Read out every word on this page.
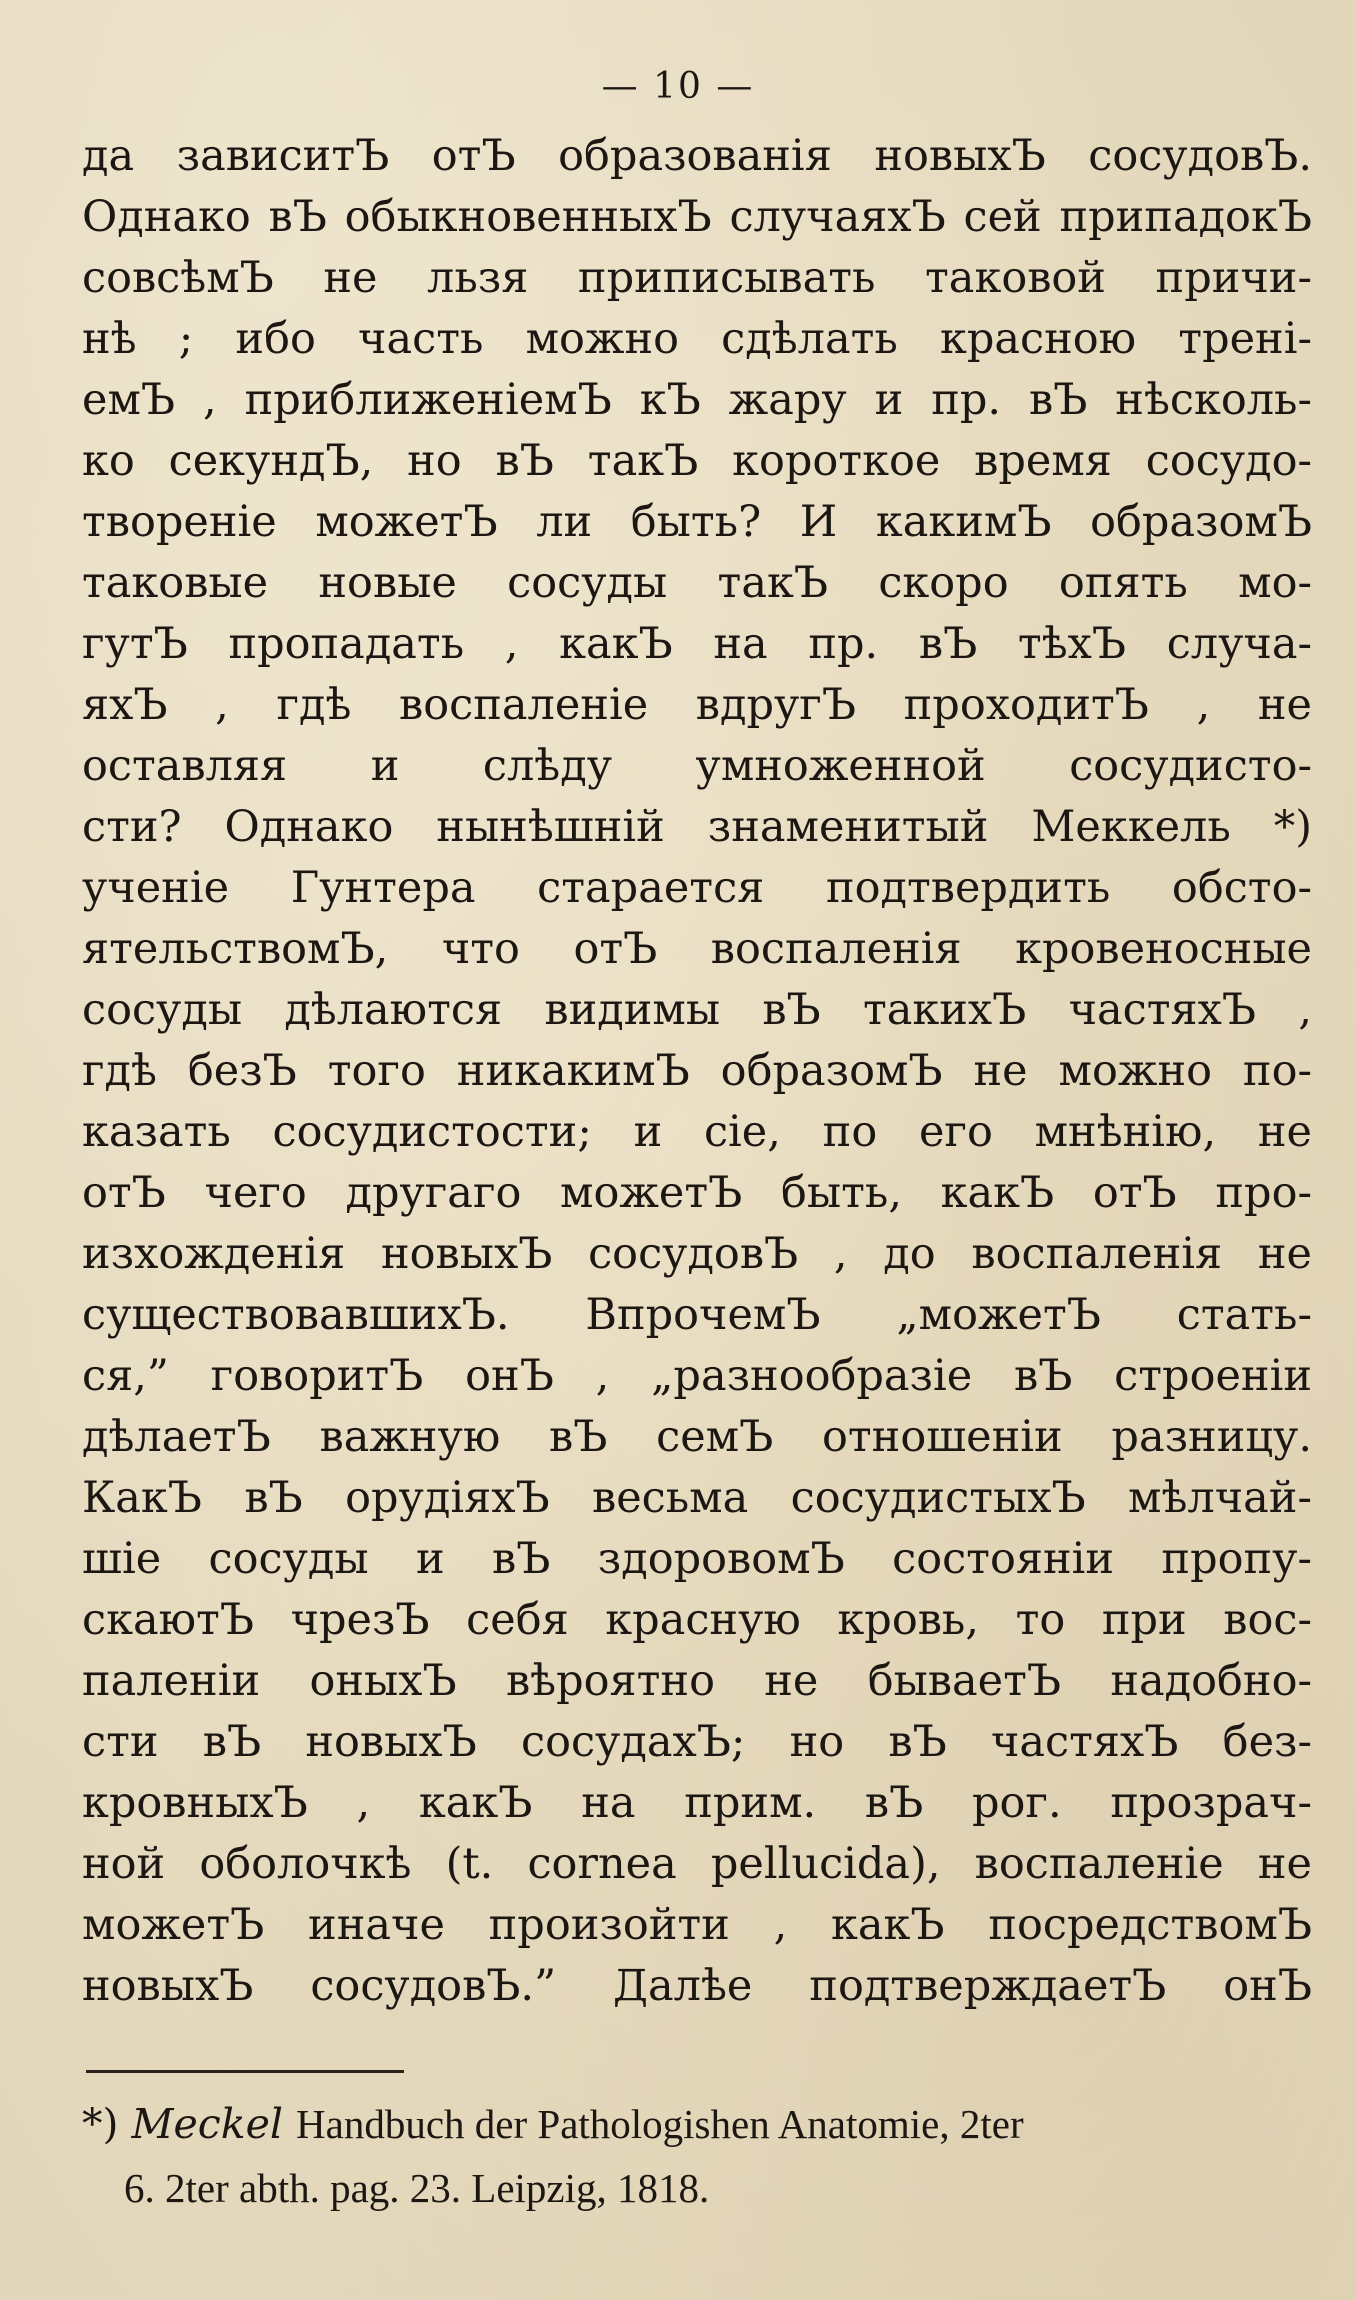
— 10 —
да зависитЪ отЪ образованія новыхЪ сосудовЪ.
Однако вЪ обыкновенныхЪ случаяхЪ сей припадокЪ
совсѣмЪ не льзя приписывать таковой причи-
нѣ ; ибо часть можно сдѣлать красною трені-
емЪ , приближеніемЪ кЪ жару и пр. вЪ нѣсколь-
ко секундЪ, но вЪ такЪ короткое время сосудо-
твореніе можетЪ ли быть? И какимЪ образомЪ
таковые новые сосуды такЪ скоро опять мо-
гутЪ пропадать , какЪ на пр. вЪ тѣхЪ случа-
яхЪ , гдѣ воспаленіе вдругЪ проходитЪ , не
оставляя и слѣду умноженной сосудисто-
сти? Однако нынѣшній знаменитый Меккель *)
ученіе Гунтера старается подтвердить обсто-
ятельствомЪ, что отЪ воспаленія кровеносные
сосуды дѣлаются видимы вЪ такихЪ частяхЪ ,
гдѣ безЪ того никакимЪ образомЪ не можно по-
казать сосудистости; и сіе, по его мнѣнію, не
отЪ чего другаго можетЪ быть, какЪ отЪ про-
изхожденія новыхЪ сосудовЪ , до воспаленія не
существовавшихЪ. ВпрочемЪ „можетЪ стать-
ся,” говоритЪ онЪ , „разнообразіе вЪ строеніи
дѣлаетЪ важную вЪ семЪ отношеніи разницу.
КакЪ вЪ орудіяхЪ весьма сосудистыхЪ мѣлчай-
шіе сосуды и вЪ здоровомЪ состояніи пропу-
скаютЪ чрезЪ себя красную кровь, то при вос-
паленіи оныхЪ вѣроятно не бываетЪ надобно-
сти вЪ новыхЪ сосудахЪ; но вЪ частяхЪ без-
кровныхЪ , какЪ на прим. вЪ рог. прозрач-
ной оболочкѣ (t. cornea pellucida), воспаленіе не
можетЪ иначе произойти , какЪ посредствомЪ
новыхЪ сосудовЪ.” Далѣе подтверждаетЪ онЪ
*) Meckel Handbuch der Pathologishen Anatomie, 2ter
6. 2ter abth. pag. 23. Leipzig, 1818.
